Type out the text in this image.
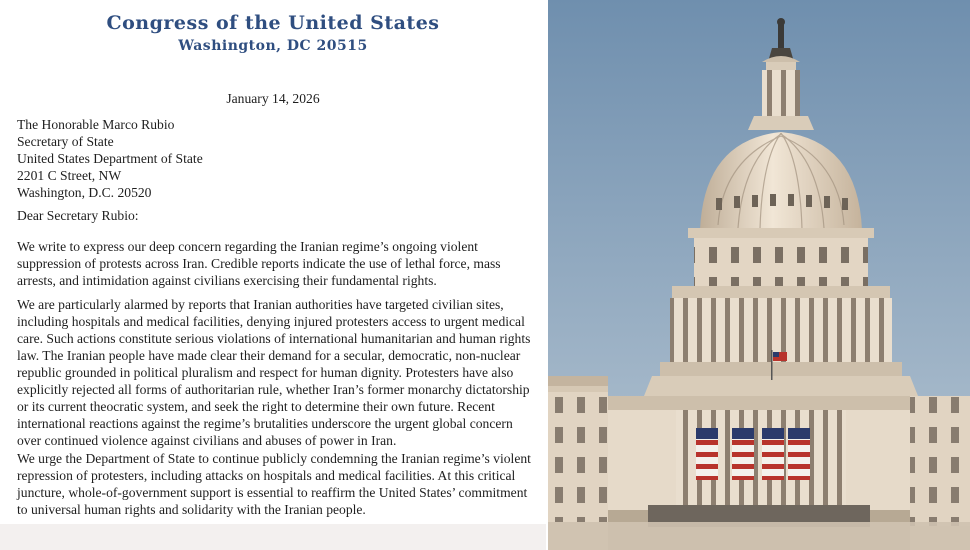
Congress of the United States
Washington, DC 20515
January 14, 2026
The Honorable Marco Rubio
Secretary of State
United States Department of State
2201 C Street, NW
Washington, D.C. 20520
Dear Secretary Rubio:
We write to express our deep concern regarding the Iranian regime’s ongoing violent suppression of protests across Iran. Credible reports indicate the use of lethal force, mass arrests, and intimidation against civilians exercising their fundamental rights.
We are particularly alarmed by reports that Iranian authorities have targeted civilian sites, including hospitals and medical facilities, denying injured protesters access to urgent medical care. Such actions constitute serious violations of international humanitarian and human rights law. The Iranian people have made clear their demand for a secular, democratic, non-nuclear republic grounded in political pluralism and respect for human dignity. Protesters have also explicitly rejected all forms of authoritarian rule, whether Iran’s former monarchy dictatorship or its current theocratic system, and seek the right to determine their own future. Recent international reactions against the regime’s brutalities underscore the urgent global concern over continued violence against civilians and abuses of power in Iran.
We urge the Department of State to continue publicly condemning the Iranian regime’s violent repression of protesters, including attacks on hospitals and medical facilities. At this critical juncture, whole-of-government support is essential to reaffirm the United States’ commitment to universal human rights and solidarity with the Iranian people.
